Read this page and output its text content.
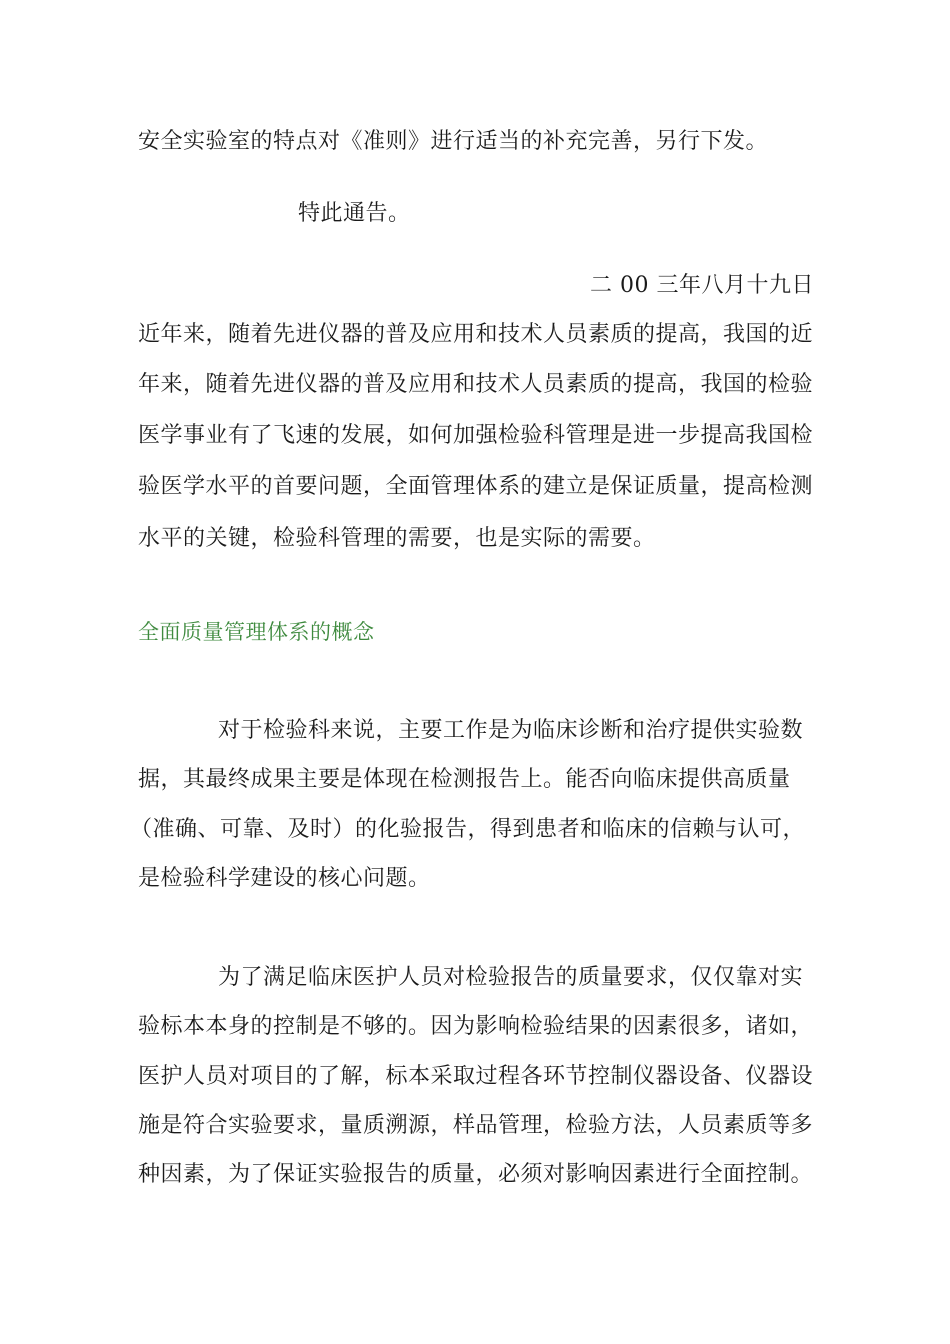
安全实验室的特点对《准则》进行适当的补充完善，另行下发。
特此通告。
二 00 三年八月十九日
近年来，随着先进仪器的普及应用和技术人员素质的提高，我国的近
年来，随着先进仪器的普及应用和技术人员素质的提高，我国的检验
医学事业有了飞速的发展，如何加强检验科管理是进一步提高我国检
验医学水平的首要问题，全面管理体系的建立是保证质量，提高检测
水平的关键，检验科管理的需要，也是实际的需要。
全面质量管理体系的概念
对于检验科来说，主要工作是为临床诊断和治疗提供实验数
据，其最终成果主要是体现在检测报告上。能否向临床提供高质量
（准确、可靠、及时）的化验报告，得到患者和临床的信赖与认可，
是检验科学建设的核心问题。
为了满足临床医护人员对检验报告的质量要求，仅仅靠对实
验标本本身的控制是不够的。因为影响检验结果的因素很多，诸如，
医护人员对项目的了解，标本采取过程各环节控制仪器设备、仪器设
施是符合实验要求，量质溯源，样品管理，检验方法，人员素质等多
种因素，为了保证实验报告的质量，必须对影响因素进行全面控制。
